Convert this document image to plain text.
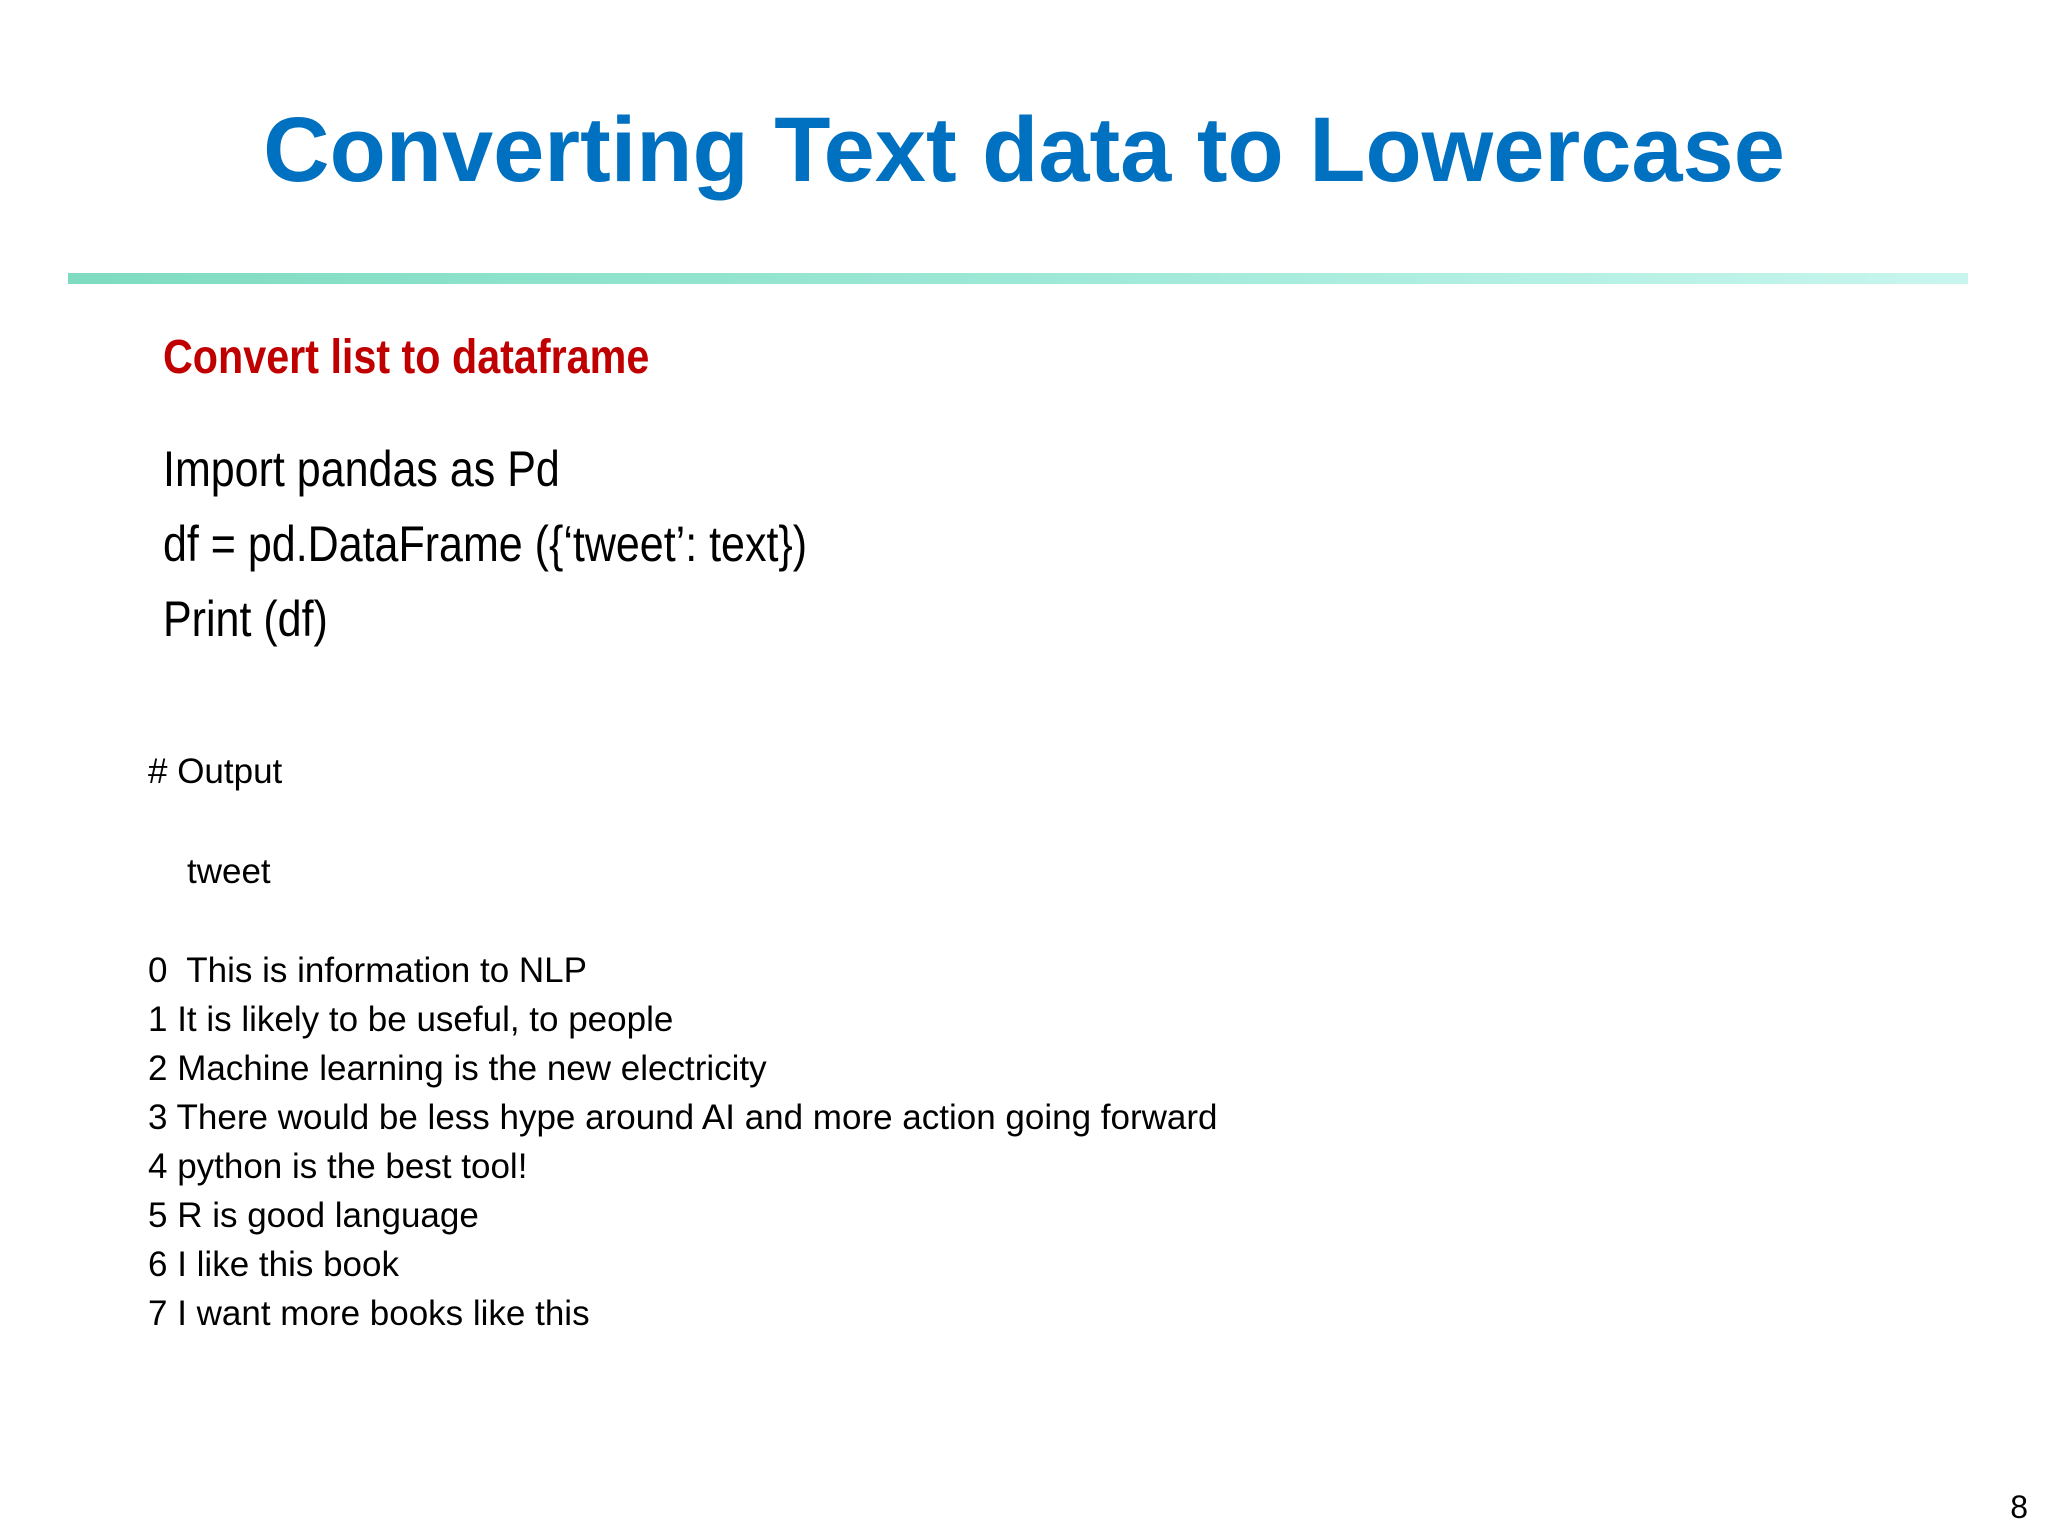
Converting Text data to Lowercase
Convert list to dataframe
Import pandas as Pd
df = pd.DataFrame ({‘tweet’: text})
Print (df)
# Output
tweet
0  This is information to NLP
1 It is likely to be useful, to people
2 Machine learning is the new electricity
3 There would be less hype around AI and more action going forward
4 python is the best tool!
5 R is good language
6 I like this book
7 I want more books like this
8
